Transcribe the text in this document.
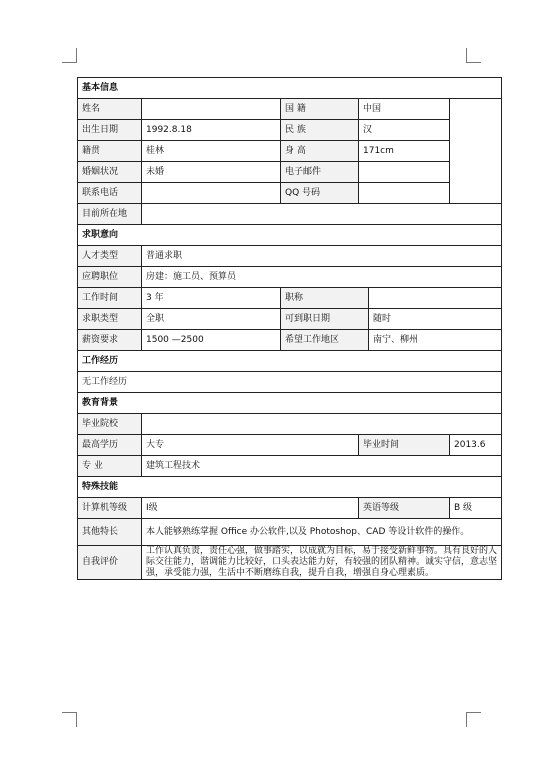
基本信息					
姓名		国 籍	中国		
出生日期	1992.8.18	民 族	汉		
籍贯	桂林	身 高	171cm		
婚姻状况	未婚	电子邮件			
联系电话		QQ 号码			
目前所在地					
求职意向					
人才类型	普通求职				
应聘职位	房建：施工员、预算员				
工作时间	3 年	职称			
求职类型	全职	可到职日期		随时	
薪资要求	1500 —2500	希望工作地区		南宁、柳州	
工作经历					
无工作经历					
教育背景					
毕业院校					
最高学历	大专		毕业时间		2013.6
专 业	建筑工程技术				
特殊技能					
计算机等级	Ⅰ级		英语等级		B 级
其他特长	本人能够熟练掌握 Office 办公软件,以及 Photoshop、CAD 等设计软件的操作。				
自我评价	工作认真负责，责任心强，做事踏实，以成就为目标，易于接受新鲜事物。具有良好的人际交往能力，谐调能力比较好，口头表达能力好，有较强的团队精神。诚实守信，意志坚强，承受能力强，生活中不断磨练自我，提升自我，增强自身心理素质。				
